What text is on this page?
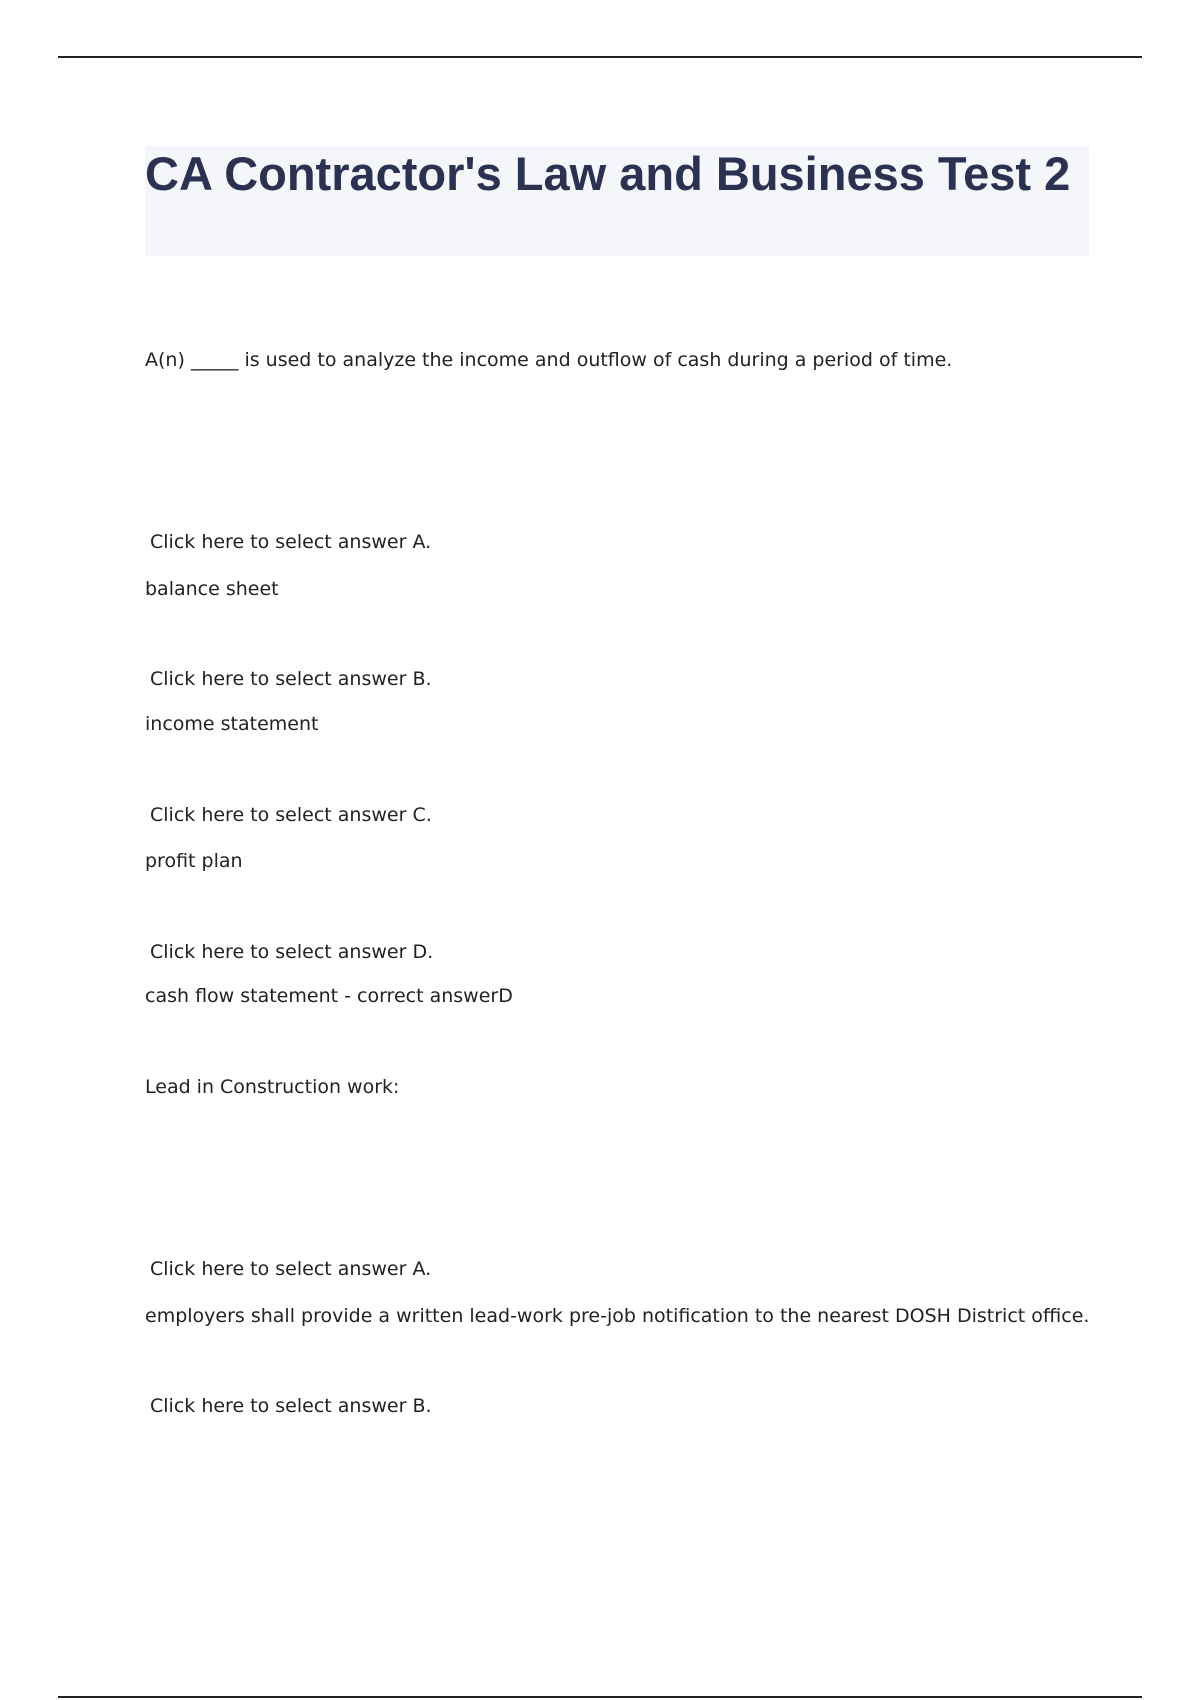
CA Contractor's Law and Business Test 2
A(n) _____ is used to analyze the income and outflow of cash during a period of time.
Click here to select answer A.
balance sheet
Click here to select answer B.
income statement
Click here to select answer C.
profit plan
Click here to select answer D.
cash flow statement - correct answerD
Lead in Construction work:
Click here to select answer A.
employers shall provide a written lead-work pre-job notification to the nearest DOSH District office.
Click here to select answer B.
